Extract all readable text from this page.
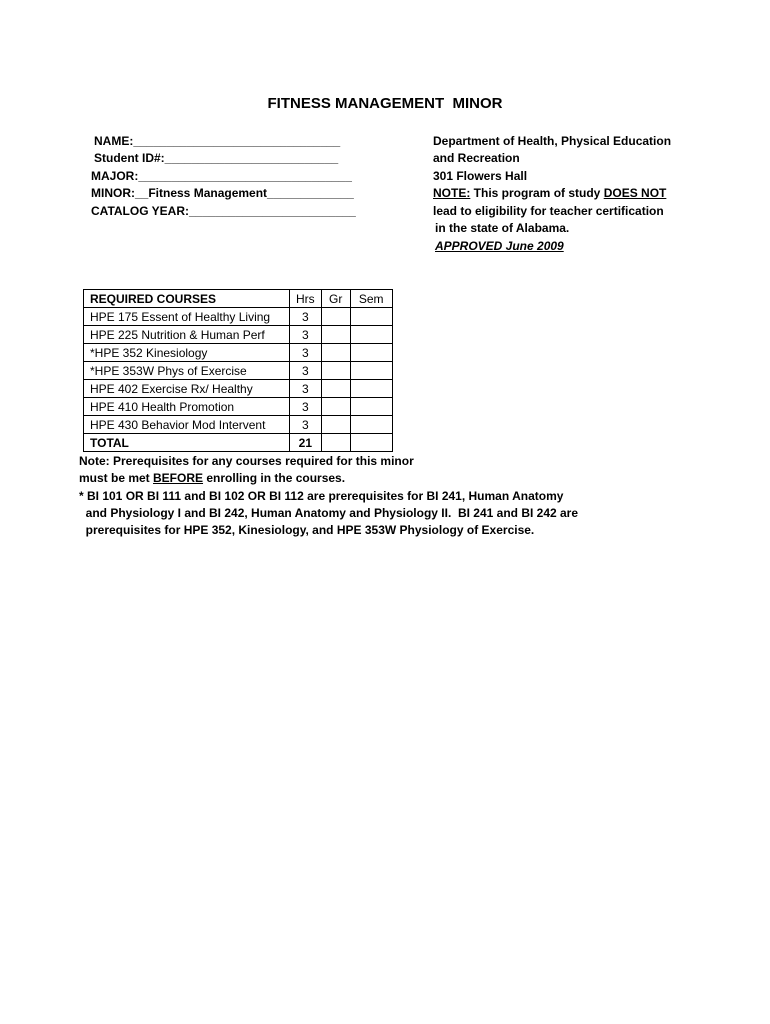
FITNESS MANAGEMENT  MINOR
NAME:_______________________________
Student ID#:__________________________
MAJOR:________________________________
MINOR:__Fitness Management_____________
CATALOG YEAR:_________________________
Department of Health, Physical Education
and Recreation
301 Flowers Hall
NOTE: This program of study DOES NOT
lead to eligibility for teacher certification
in the state of Alabama.
APPROVED June 2009
REQUIRED COURSES	Hrs	Gr	Sem
HPE 175 Essent of Healthy Living	3		
HPE 225 Nutrition & Human Perf	3		
*HPE 352 Kinesiology	3		
*HPE 353W Phys of Exercise	3		
HPE 402 Exercise Rx/ Healthy	3		
HPE 410 Health Promotion	3		
HPE 430 Behavior Mod Intervent	3		
TOTAL	21		
Note: Prerequisites for any courses required for this minor
must be met BEFORE enrolling in the courses.
* BI 101 OR BI 111 and BI 102 OR BI 112 are prerequisites for BI 241, Human Anatomy
and Physiology I and BI 242, Human Anatomy and Physiology II.  BI 241 and BI 242 are
prerequisites for HPE 352, Kinesiology, and HPE 353W Physiology of Exercise.
